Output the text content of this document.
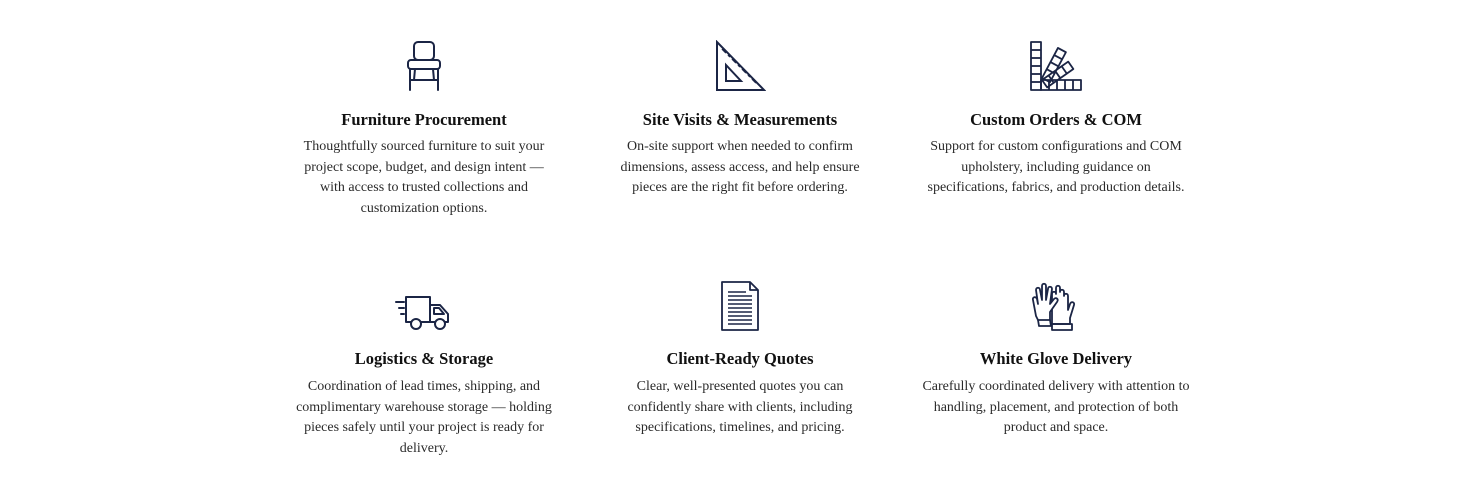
Furniture Procurement
Thoughtfully sourced furniture to suit your project scope, budget, and design intent — with access to trusted collections and customization options.
Site Visits & Measurements
On-site support when needed to confirm dimensions, assess access, and help ensure pieces are the right fit before ordering.
Custom Orders & COM
Support for custom configurations and COM upholstery, including guidance on specifications, fabrics, and production details.
Logistics & Storage
Coordination of lead times, shipping, and complimentary warehouse storage — holding pieces safely until your project is ready for delivery.
Client-Ready Quotes
Clear, well-presented quotes you can confidently share with clients, including specifications, timelines, and pricing.
White Glove Delivery
Carefully coordinated delivery with attention to handling, placement, and protection of both product and space.
